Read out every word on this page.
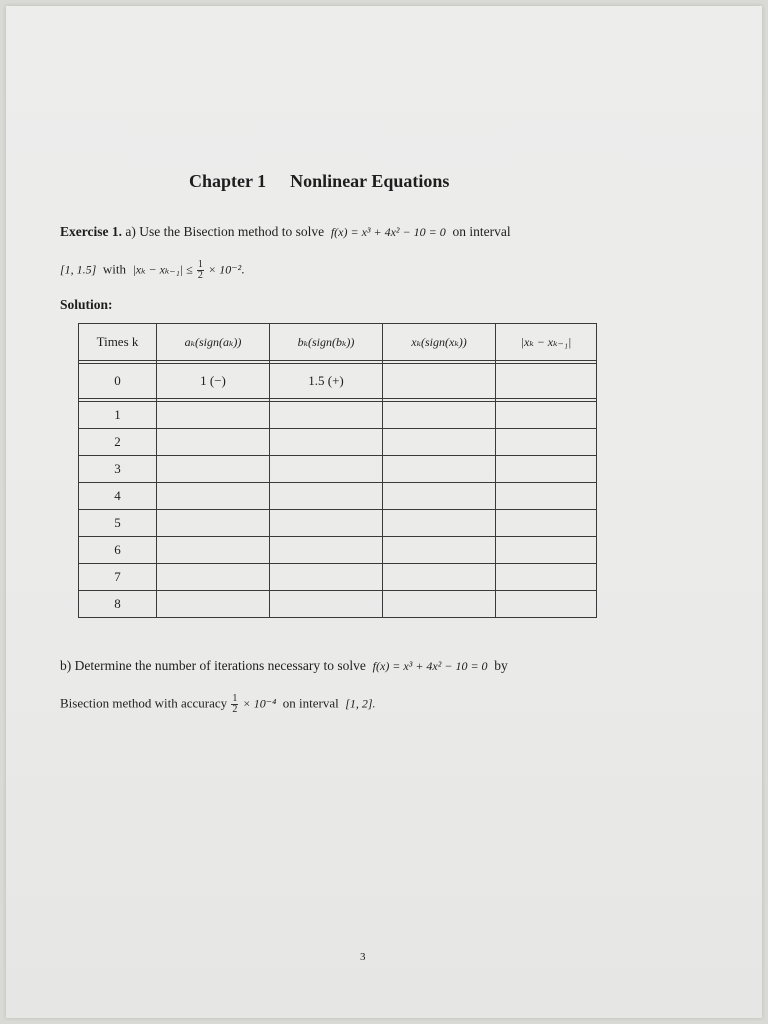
Chapter 1 Nonlinear Equations
Exercise 1. a) Use the Bisection method to solve f(x) = x³ + 4x² − 10 = 0 on interval
[1, 1.5] with $|x_k - x_{k-1}| \le \frac{1}{2} \times 10^{-2}$.
Solution:
Times k	aₖ(sign(aₖ))	bₖ(sign(bₖ))	xₖ(sign(xₖ))	|xₖ − xₖ₋₁|

0	1 (−)	1.5 (+)		

1				
2				
3				
4				
5				
6				
7				
8				
b) Determine the number of iterations necessary to solve f(x) = x³ + 4x² − 10 = 0 by
Bisection method with accuracy $\frac{1}{2} \times 10^{-4}$ on interval [1, 2].
3
